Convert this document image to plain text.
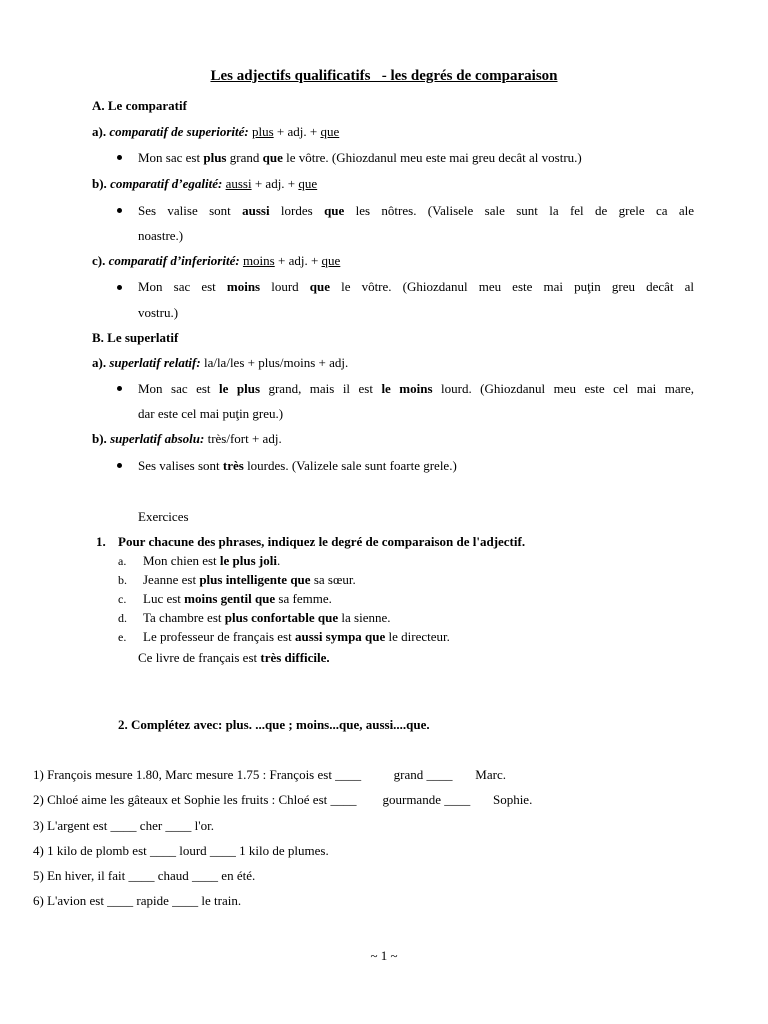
Les adjectifs qualificatifs   - les degrés de comparaison
A. Le comparatif
a). comparatif de superiorité: plus + adj. + que
Mon sac est plus grand que le vôtre. (Ghiozdanul meu este mai greu decât al vostru.)
b). comparatif d’egalité: aussi + adj. + que
Ses valise sont aussi lordes que les nôtres. (Valisele sale sunt la fel de grele ca ale
noastre.)
c). comparatif d’inferiorité: moins + adj. + que
Mon sac est moins lourd que le vôtre. (Ghiozdanul meu este mai puţin greu decât al
vostru.)
B. Le superlatif
a). superlatif relatif: la/la/les + plus/moins + adj.
Mon sac est le plus grand, mais il est le moins lourd. (Ghiozdanul meu este cel mai mare,
dar este cel mai puţin greu.)
b). superlatif absolu: très/fort + adj.
Ses valises sont très lourdes. (Valizele sale sunt foarte grele.)
Exercices
1. Pour chacune des phrases, indiquez le degré de comparaison de l'adjectif.
a. Mon chien est le plus joli.
b. Jeanne est plus intelligente que sa sœur.
c. Luc est moins gentil que sa femme.
d. Ta chambre est plus confortable que la sienne.
e. Le professeur de français est aussi sympa que le directeur.
Ce livre de français est très difficile.
2. Complétez avec: plus. ...que ; moins...que, aussi....que.
1) François mesure 1.80, Marc mesure 1.75 : François est ____          grand ____       Marc.
2) Chloé aime les gâteaux et Sophie les fruits : Chloé est ____        gourmande ____       Sophie.
3) L'argent est ____ cher ____ l'or.
4) 1 kilo de plomb est ____ lourd ____ 1 kilo de plumes.
5) En hiver, il fait ____ chaud ____ en été.
6) L'avion est ____ rapide ____ le train.
~ 1 ~
